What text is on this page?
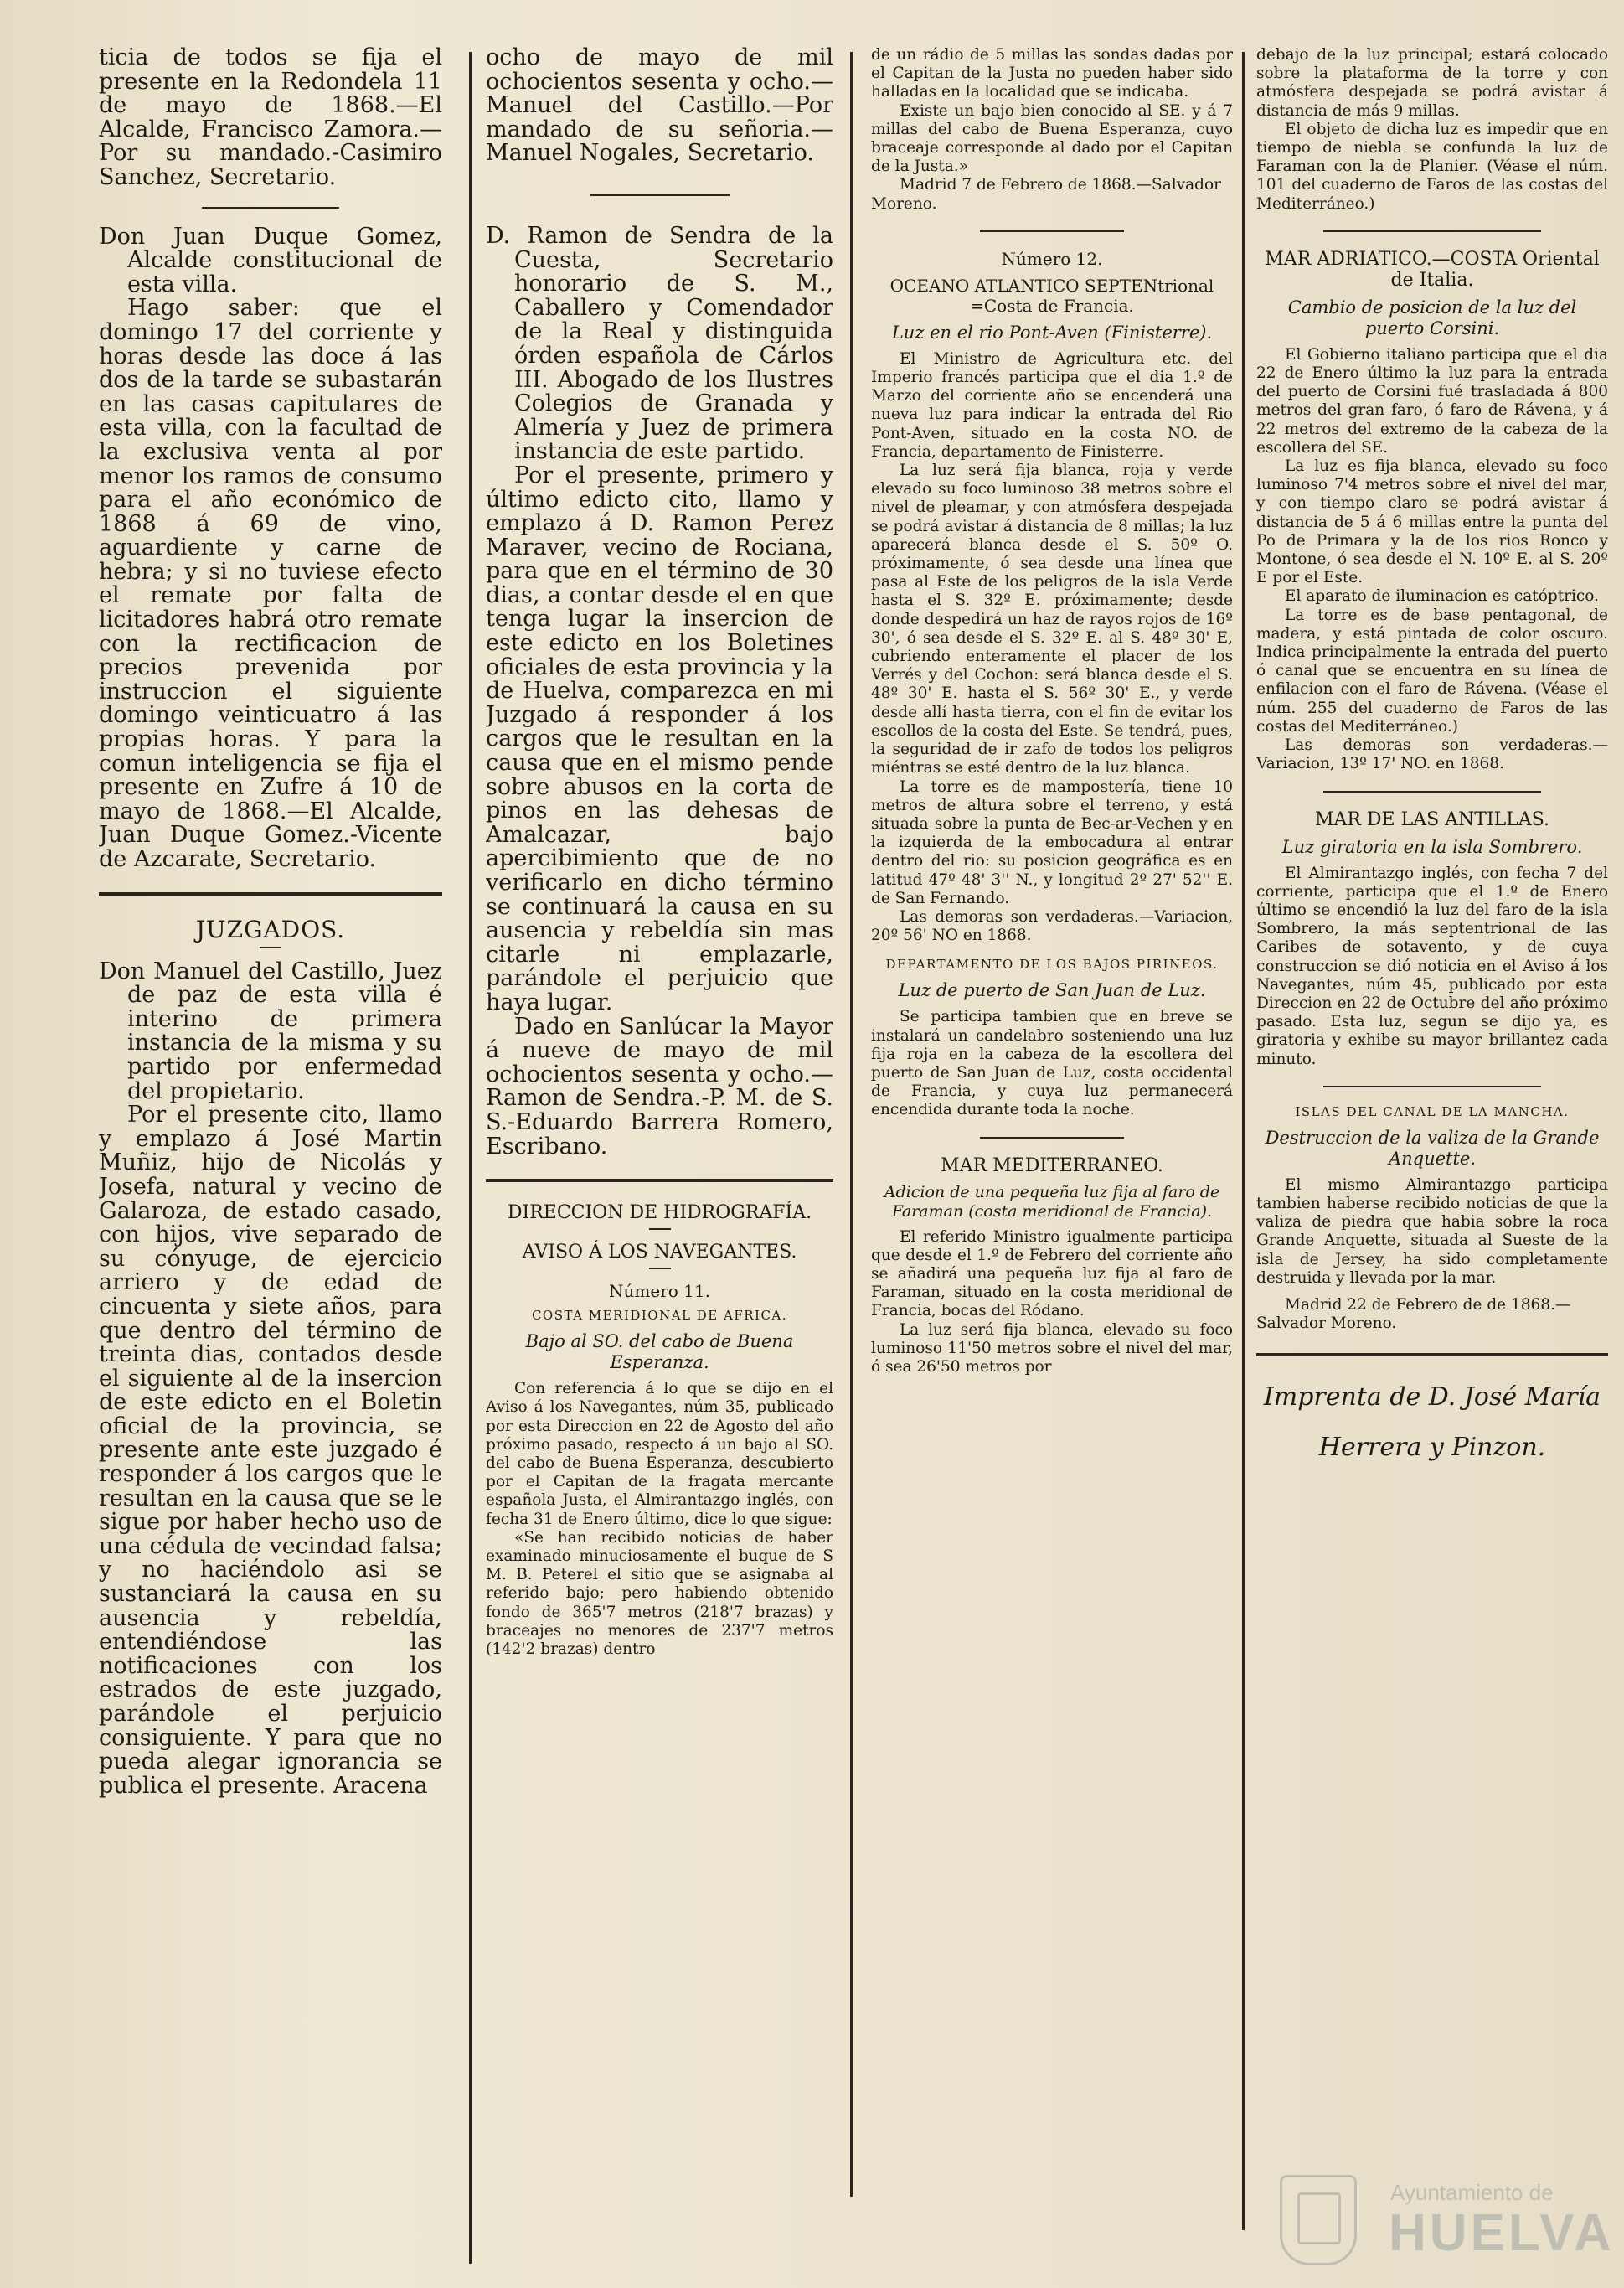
ticia de todos se fija el presente en la Redondela 11 de mayo de 1868.—El Alcalde, Francisco Zamora.—Por su mandado.-Casimiro Sanchez, Secretario.

Don Juan Duque Gomez, Alcalde constitucional de esta villa.

Hago saber: que el domingo 17 del corriente y horas desde las doce á las dos de la tarde se subastarán en las casas capitulares de esta villa, con la facultad de la exclusiva venta al por menor los ramos de consumo para el año económico de 1868 á 69 de vino, aguardiente y carne de hebra; y si no tuviese efecto el remate por falta de licitadores habrá otro remate con la rectificacion de precios prevenida por instruccion el siguiente domingo veinticuatro á las propias horas. Y para la comun inteligencia se fija el presente en Zufre á 10 de mayo de 1868.—El Alcalde, Juan Duque Gomez.-Vicente de Azcarate, Secretario.

JUZGADOS.

Don Manuel del Castillo, Juez de paz de esta villa é interino de primera instancia de la misma y su partido por enfermedad del propietario.

Por el presente cito, llamo y emplazo á José Martin Muñiz, hijo de Nicolás y Josefa, natural y vecino de Galaroza, de estado casado, con hijos, vive separado de su cónyuge, de ejercicio arriero y de edad de cincuenta y siete años, para que dentro del término de treinta dias, contados desde el siguiente al de la insercion de este edicto en el Boletin oficial de la provincia, se presente ante este juzgado é responder á los cargos que le resultan en la causa que se le sigue por haber hecho uso de una cédula de vecindad falsa; y no haciéndolo asi se sustanciará la causa en su ausencia y rebeldía, entendiéndose las notificaciones con los estrados de este juzgado, parándole el perjuicio consiguiente. Y para que no pueda alegar ignorancia se publica el presente. Aracena

ocho de mayo de mil ochocientos sesenta y ocho.—Manuel del Castillo.—Por mandado de su señoria.—Manuel Nogales, Secretario.

D. Ramon de Sendra de la Cuesta, Secretario honorario de S. M., Caballero y Comendador de la Real y distinguida órden española de Cárlos III. Abogado de los Ilustres Colegios de Granada y Almería y Juez de primera instancia de este partido.

Por el presente, primero y último edicto cito, llamo y emplazo á D. Ramon Perez Maraver, vecino de Rociana, para que en el término de 30 dias, a contar desde el en que tenga lugar la insercion de este edicto en los Boletines oficiales de esta provincia y la de Huelva, comparezca en mi Juzgado á responder á los cargos que le resultan en la causa que en el mismo pende sobre abusos en la corta de pinos en las dehesas de Amalcazar, bajo apercibimiento que de no verificarlo en dicho término se continuará la causa en su ausencia y rebeldía sin mas citarle ni emplazarle, parándole el perjuicio que haya lugar.

Dado en Sanlúcar la Mayor á nueve de mayo de mil ochocientos sesenta y ocho.—Ramon de Sendra.-P. M. de S. S.-Eduardo Barrera Romero, Escribano.

DIRECCION DE HIDROGRAFÍA.
AVISO Á LOS NAVEGANTES.
Número 11.
COSTA MERIDIONAL DE AFRICA.
Bajo al SO. del cabo de Buena Esperanza.

Con referencia á lo que se dijo en el Aviso á los Navegantes, núm 35, publicado por esta Direccion en 22 de Agosto del año próximo pasado, respecto á un bajo al SO. del cabo de Buena Esperanza, descubierto por el Capitan de la fragata mercante española Justa, el Almirantazgo inglés, con fecha 31 de Enero último, dice lo que sigue:

«Se han recibido noticias de haber examinado minuciosamente el buque de S M. B. Peterel el sitio que se asignaba al referido bajo; pero habiendo obtenido fondo de 365'7 metros (218'7 brazas) y braceajes no menores de 237'7 metros (142'2 brazas) dentro

de un rádio de 5 millas las sondas dadas por el Capitan de la Justa no pueden haber sido halladas en la localidad que se indicaba.

Existe un bajo bien conocido al SE. y á 7 millas del cabo de Buena Esperanza, cuyo braceaje corresponde al dado por el Capitan de la Justa.»

Madrid 7 de Febrero de 1868.—Salvador Moreno.

Número 12.
OCEANO ATLANTICO SEPTENtrional =Costa de Francia.
Luz en el rio Pont-Aven (Finisterre).

El Ministro de Agricultura etc. del Imperio francés participa que el dia 1.º de Marzo del corriente año se encenderá una nueva luz para indicar la entrada del Rio Pont-Aven, situado en la costa NO. de Francia, departamento de Finisterre.

La luz será fija blanca, roja y verde elevado su foco luminoso 38 metros sobre el nivel de pleamar, y con atmósfera despejada se podrá avistar á distancia de 8 millas; la luz aparecerá blanca desde el S. 50º O. próximamente, ó sea desde una línea que pasa al Este de los peligros de la isla Verde hasta el S. 32º E. próximamente; desde donde despedirá un haz de rayos rojos de 16º 30', ó sea desde el S. 32º E. al S. 48º 30' E, cubriendo enteramente el placer de los Verrés y del Cochon: será blanca desde el S. 48º 30' E. hasta el S. 56º 30' E., y verde desde allí hasta tierra, con el fin de evitar los escollos de la costa del Este. Se tendrá, pues, la seguridad de ir zafo de todos los peligros miéntras se esté dentro de la luz blanca.

La torre es de mampostería, tiene 10 metros de altura sobre el terreno, y está situada sobre la punta de Bec-ar-Vechen y en la izquierda de la embocadura al entrar dentro del rio: su posicion geográfica es en latitud 47º 48' 3'' N., y longitud 2º 27' 52'' E. de San Fernando.

Las demoras son verdaderas.—Variacion, 20º 56' NO en 1868.

DEPARTAMENTO DE LOS BAJOS PIRINEOS.
Luz de puerto de San Juan de Luz.

Se participa tambien que en breve se instalará un candelabro sosteniendo una luz fija roja en la cabeza de la escollera del puerto de San Juan de Luz, costa occidental de Francia, y cuya luz permanecerá encendida durante toda la noche.

MAR MEDITERRANEO.
Adicion de una pequeña luz fija al faro de Faraman (costa meridional de Francia).

El referido Ministro igualmente participa que desde el 1.º de Febrero del corriente año se añadirá una pequeña luz fija al faro de Faraman, situado en la costa meridional de Francia, bocas del Ródano.

La luz será fija blanca, elevado su foco luminoso 11'50 metros sobre el nivel del mar, ó sea 26'50 metros por

debajo de la luz principal; estará colocado sobre la plataforma de la torre y con atmósfera despejada se podrá avistar á distancia de más 9 millas.

El objeto de dicha luz es impedir que en tiempo de niebla se confunda la luz de Faraman con la de Planier. (Véase el núm. 101 del cuaderno de Faros de las costas del Mediterráneo.)

MAR ADRIATICO.—COSTA Oriental de Italia.
Cambio de posicion de la luz del puerto Corsini.

El Gobierno italiano participa que el dia 22 de Enero último la luz para la entrada del puerto de Corsini fué trasladada á 800 metros del gran faro, ó faro de Rávena, y á 22 metros del extremo de la cabeza de la escollera del SE.

La luz es fija blanca, elevado su foco luminoso 7'4 metros sobre el nivel del mar, y con tiempo claro se podrá avistar á distancia de 5 á 6 millas entre la punta del Po de Primara y la de los rios Ronco y Montone, ó sea desde el N. 10º E. al S. 20º E por el Este.

El aparato de iluminacion es catóptrico.

La torre es de base pentagonal, de madera, y está pintada de color oscuro. Indica principalmente la entrada del puerto ó canal que se encuentra en su línea de enfilacion con el faro de Rávena. (Véase el núm. 255 del cuaderno de Faros de las costas del Mediterráneo.)

Las demoras son verdaderas.—Variacion, 13º 17' NO. en 1868.

MAR DE LAS ANTILLAS.
Luz giratoria en la isla Sombrero.

El Almirantazgo inglés, con fecha 7 del corriente, participa que el 1.º de Enero último se encendió la luz del faro de la isla Sombrero, la más septentrional de las Caribes de sotavento, y de cuya construccion se dió noticia en el Aviso á los Navegantes, núm 45, publicado por esta Direccion en 22 de Octubre del año próximo pasado. Esta luz, segun se dijo ya, es giratoria y exhibe su mayor brillantez cada minuto.

ISLAS DEL CANAL DE LA MANCHA.
Destruccion de la valiza de la Grande Anquette.

El mismo Almirantazgo participa tambien haberse recibido noticias de que la valiza de piedra que habia sobre la roca Grande Anquette, situada al Sueste de la isla de Jersey, ha sido completamente destruida y llevada por la mar.

Madrid 22 de Febrero de de 1868.—Salvador Moreno.

Imprenta de D. José María
Herrera y Pinzon.
Ayuntamiento de
HUELVA
